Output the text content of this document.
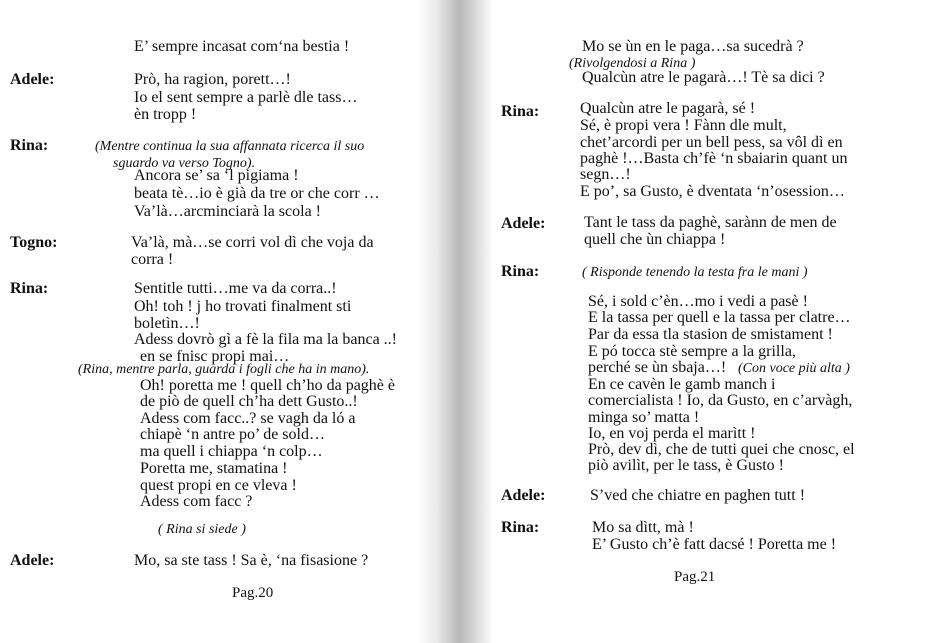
E’ sempre incasat com‘na bestia !
Adele:	Prò, ha ragion, porett…!
Io el sent sempre a parlè dle tass…
èn tropp !
Rina:	(Mentre continua la sua affannata ricerca il suo
sguardo va verso Togno).
Ancora se’ sa ‘l pigiama !
beata tè…io è già da tre or che corr …
Va’là…arcminciarà la scola !
Togno:	Va’là, mà…se corri vol dì che voja da
corra !
Rina:	Sentitle tutti…me va da corra..!
Oh! toh ! j ho trovati finalment sti
boletìn…!
Adess dovrò gì a fè la fila ma la banca ..!
en se fnisc propi mai…
(Rina, mentre parla, guarda i fogli che ha in mano).
Oh! poretta me ! quell ch’ho da paghè è
de piò de quell ch’ha dett Gusto..!
Adess com facc..? se vagh da ló a
chiapè ‘n antre po’ de sold…
ma quell i chiappa ‘n colp…
Poretta me, stamatina !
quest propi en ce vleva !
Adess com facc ?
( Rina si siede )
Adele:	Mo, sa ste tass ! Sa è, ‘na fisasione ?
Pag.20
Mo se ùn en le paga…sa sucedrà ?
(Rivolgendosi a Rina )
Qualcùn atre le pagarà…! Tè sa dici ?
Rina:	Qualcùn atre le pagarà, sé !
Sé, è propi vera ! Fànn dle mult,
chet’arcordi per un bell pess, sa vôl dì en
paghè !…Basta ch’fè ‘n sbaiarin quant un
segn…!
E po’, sa Gusto, è dventata ‘n’osession…
Adele: Tant le tass da paghè, sarànn de men de
quell che ùn chiappa !
Rina:	( Risponde tenendo la testa fra le mani )
Sé, i sold c’èn…mo i vedi a pasè !
E la tassa per quell e la tassa per clatre…
Par da essa tla stasion de smistament !
E pó tocca stè sempre a la grilla,
perché se ùn sbaja…! (Con voce più alta )
En ce cavèn le gamb manch i
comercialista ! Io, da Gusto, en c’arvàgh,
minga so’ matta !
Io, en voj perda el marìtt !
Prò, dev dì, che de tutti quei che cnosc, el
piò avilìt, per le tass, è Gusto !
Adele:	S’ved che chiatre en paghen tutt !
Rina:	Mo sa dìtt, mà !
E’ Gusto ch’è fatt dacsé ! Poretta me !
Pag.21
